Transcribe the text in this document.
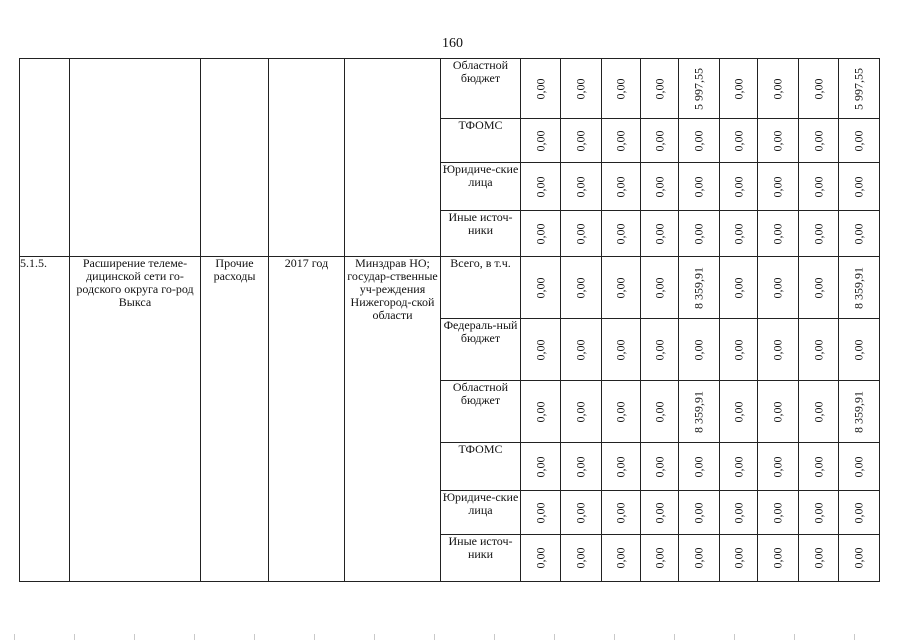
160
					Областной бюджет	0,00	0,00	0,00	0,00	5 997,55	0,00	0,00	0,00	5 997,55

					ТФОМС	0,00	0,00	0,00	0,00	0,00	0,00	0,00	0,00	0,00

					Юридиче-ские лица	0,00	0,00	0,00	0,00	0,00	0,00	0,00	0,00	0,00

					Иные источ-ники	0,00	0,00	0,00	0,00	0,00	0,00	0,00	0,00	0,00

5.1.5.	Расширение телеме-дицинской сети го-родского округа го-род Выкса	Прочие расходы	2017 год	Минздрав НО; государ-ственные уч-реждения Нижегород-ской области	Всего, в т.ч.	0,00	0,00	0,00	0,00	8 359,91	0,00	0,00	0,00	8 359,91

					Федераль-ный бюджет	0,00	0,00	0,00	0,00	0,00	0,00	0,00	0,00	0,00

					Областной бюджет	0,00	0,00	0,00	0,00	8 359,91	0,00	0,00	0,00	8 359,91

					ТФОМС	0,00	0,00	0,00	0,00	0,00	0,00	0,00	0,00	0,00

					Юридиче-ские лица	0,00	0,00	0,00	0,00	0,00	0,00	0,00	0,00	0,00

					Иные источ-ники	0,00	0,00	0,00	0,00	0,00	0,00	0,00	0,00	0,00
